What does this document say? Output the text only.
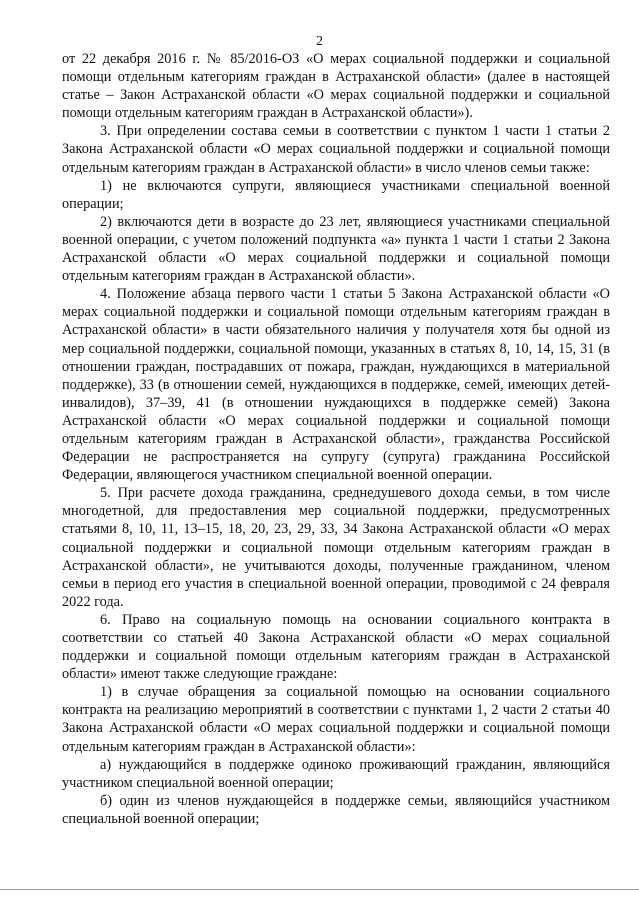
2

от 22 декабря 2016 г. № 85/2016-ОЗ «О мерах социальной поддержки и социальной помощи отдельным категориям граждан в Астраханской области» (далее в настоящей статье – Закон Астраханской области «О мерах социальной поддержки и социальной помощи отдельным категориям граждан в Астраханской области»).

3. При определении состава семьи в соответствии с пунктом 1 части 1 статьи 2 Закона Астраханской области «О мерах социальной поддержки и социальной помощи отдельным категориям граждан в Астраханской области» в число членов семьи также:

1) не включаются супруги, являющиеся участниками специальной военной операции;

2) включаются дети в возрасте до 23 лет, являющиеся участниками специальной военной операции, с учетом положений подпункта «а» пункта 1 части 1 статьи 2 Закона Астраханской области «О мерах социальной поддержки и социальной помощи отдельным категориям граждан в Астраханской области».

4. Положение абзаца первого части 1 статьи 5 Закона Астраханской области «О мерах социальной поддержки и социальной помощи отдельным категориям граждан в Астраханской области» в части обязательного наличия у получателя хотя бы одной из мер социальной поддержки, социальной помощи, указанных в статьях 8, 10, 14, 15, 31 (в отношении граждан, пострадавших от пожара, граждан, нуждающихся в материальной поддержке), 33 (в отношении семей, нуждающихся в поддержке, семей, имеющих детей-инвалидов), 37–39, 41 (в отношении нуждающихся в поддержке семей) Закона Астраханской области «О мерах социальной поддержки и социальной помощи отдельным категориям граждан в Астраханской области», гражданства Российской Федерации не распространяется на супругу (супруга) гражданина Российской Федерации, являющегося участником специальной военной операции.

5. При расчете дохода гражданина, среднедушевого дохода семьи, в том числе многодетной, для предоставления мер социальной поддержки, предусмотренных статьями 8, 10, 11, 13–15, 18, 20, 23, 29, 33, 34 Закона Астраханской области «О мерах социальной поддержки и социальной помощи отдельным категориям граждан в Астраханской области», не учитываются доходы, полученные гражданином, членом семьи в период его участия в специальной военной операции, проводимой с 24 февраля 2022 года.

6. Право на социальную помощь на основании социального контракта в соответствии со статьей 40 Закона Астраханской области «О мерах социальной поддержки и социальной помощи отдельным категориям граждан в Астраханской области» имеют также следующие граждане:

1) в случае обращения за социальной помощью на основании социального контракта на реализацию мероприятий в соответствии с пунктами 1, 2 части 2 статьи 40 Закона Астраханской области «О мерах социальной поддержки и социальной помощи отдельным категориям граждан в Астраханской области»:

а) нуждающийся в поддержке одиноко проживающий гражданин, являющийся участником специальной военной операции;

б) один из членов нуждающейся в поддержке семьи, являющийся участником специальной военной операции;
